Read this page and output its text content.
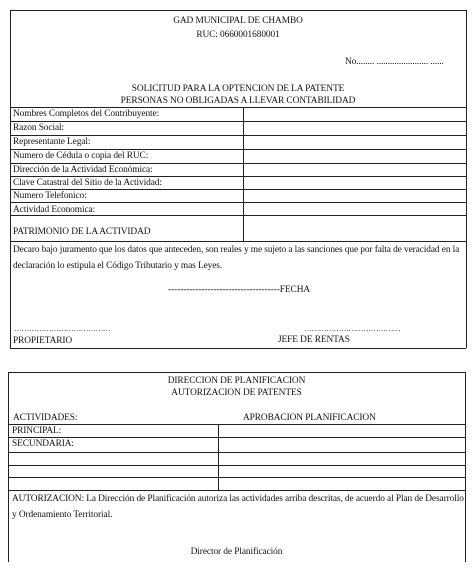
GAD MUNICIPAL DE CHAMBO
RUC: 0660001680001
No........ ....................... ......
SOLICITUD PARA LA OPTENCION DE LA PATENTE
PERSONAS NO OBLIGADAS A LLEVAR CONTABILIDAD
Nombres Completos del Contribuyente:
Razon Social:
Representante Legal:
Numero de Cédula o copia del RUC:
Dirección de la Actividad Económica:
Clave Catastral del Sitio de la Actividad:
Numero Telefonico:
Actividad Economica:
PATRIMONIO DE LA ACTIVIDAD
Decaro bajo juramento que los datos que anteceden, son reales y me sujeto a las sanciones que por falta de veracidad en la declaración lo estipula el Código Tributario y mas Leyes.
-------------------------------------FECHA
…………………………………	…………………………………
PROPIETARIO	JEFE DE RENTAS
DIRECCION DE PLANIFICACION
AUTORIZACION DE PATENTES
ACTIVIDADES:	APROBACION PLANIFICACION
PRINCIPAL:
SECUNDARIA:
AUTORIZACION: La Dirección de Planificación autoriza las actividades arriba descritas, de acuerdo al Plan de Desarrollo y Ordenamiento Territorial.
Director de Planificación
